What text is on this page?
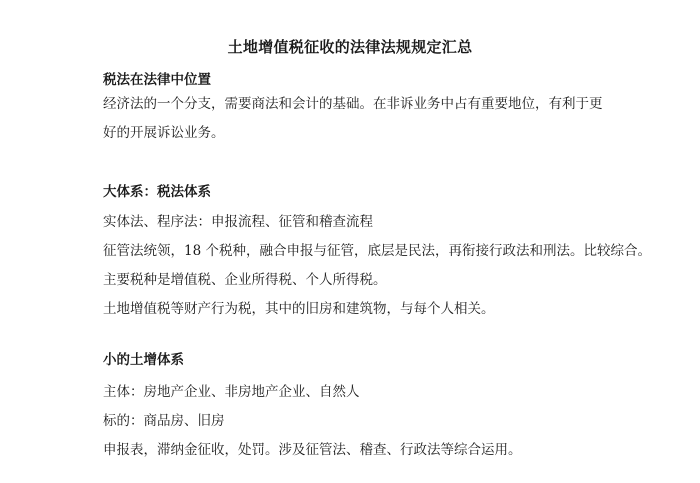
土地增值税征收的法律法规规定汇总
税法在法律中位置
经济法的一个分支，需要商法和会计的基础。在非诉业务中占有重要地位，有利于更好的开展诉讼业务。
大体系：税法体系
实体法、程序法：申报流程、征管和稽查流程
征管法统领，18 个税种，融合申报与征管，底层是民法，再衔接行政法和刑法。比较综合。
主要税种是增值税、企业所得税、个人所得税。
土地增值税等财产行为税，其中的旧房和建筑物，与每个人相关。
小的土增体系
主体：房地产企业、非房地产企业、自然人
标的：商品房、旧房
申报表，滞纳金征收，处罚。涉及征管法、稽查、行政法等综合运用。
